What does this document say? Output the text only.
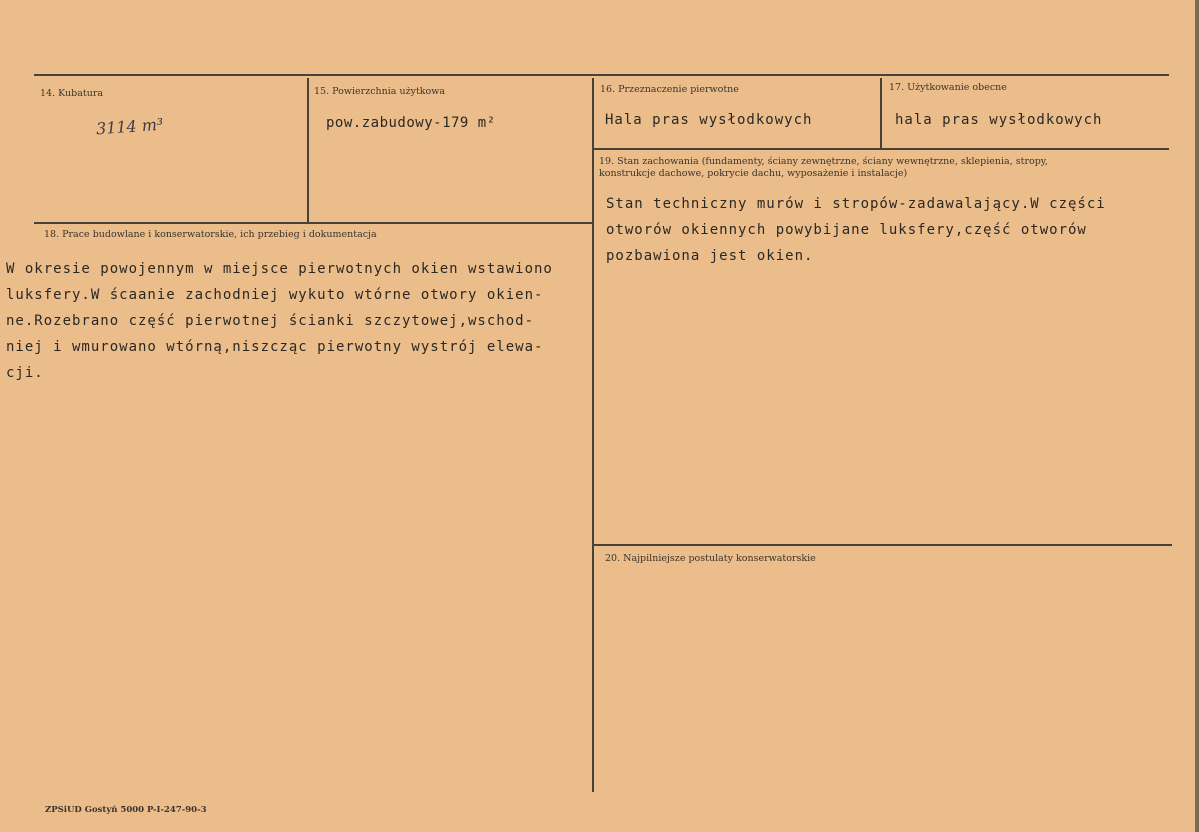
14. Kubatura
3114 m³
15. Powierzchnia użytkowa
pow.zabudowy-179 m²
16. Przeznaczenie pierwotne
Hala pras wysłodkowych
17. Użytkowanie obecne
hala pras wysłodkowych
19. Stan zachowania (fundamenty, ściany zewnętrzne, ściany wewnętrzne, sklepienia, stropy, konstrukcje dachowe, pokrycie dachu, wyposażenie i instalacje)
Stan techniczny murów i stropów-zadawalający.W części
otworów okiennych powybijane luksfery,część otworów
pozbawiona jest okien.
18. Prace budowlane i konserwatorskie, ich przebieg i dokumentacja
W okresie powojennym w miejsce pierwotnych okien wstawiono
luksfery.W ścaanie zachodniej wykuto wtórne otwory okien-
ne.Rozebrano część pierwotnej ścianki szczytowej,wschod-
niej i wmurowano wtórną,niszcząc pierwotny wystrój elewa-
cji.
20. Najpilniejsze postulaty konserwatorskie
ZPSiUD Gostyń 5000 P-I-247-90-3
